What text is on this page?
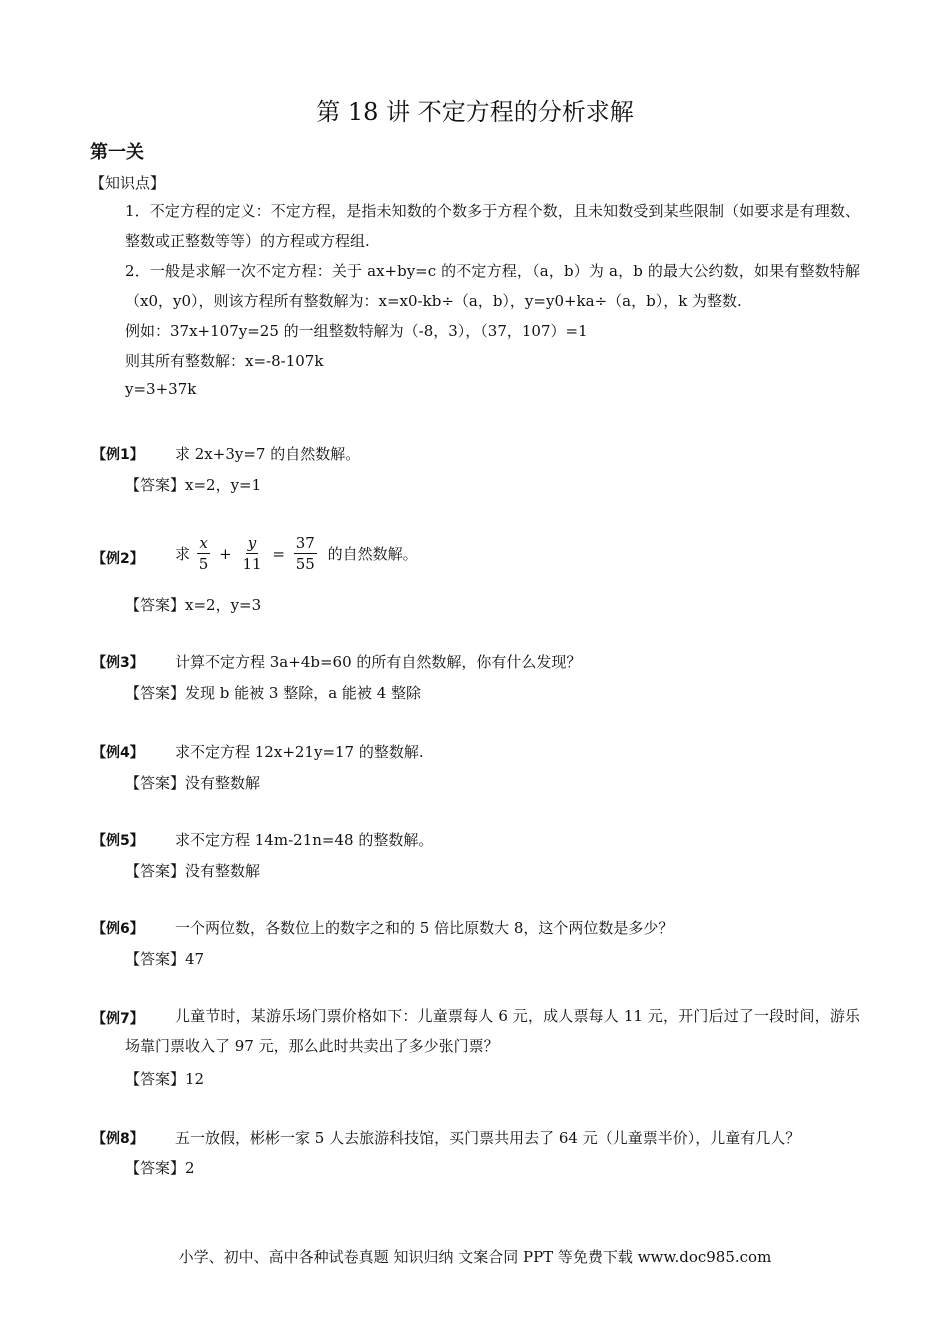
第 18 讲 不定方程的分析求解
第一关
【知识点】
1．不定方程的定义：不定方程，是指未知数的个数多于方程个数，且未知数受到某些限制（如要求是有理数、整数或正整数等等）的方程或方程组.
2．一般是求解一次不定方程：关于 ax+by=c 的不定方程，（a，b）为 a，b 的最大公约数，如果有整数特解（x0，y0），则该方程所有整数解为：x=x0-kb÷（a，b），y=y0+ka÷（a，b），k 为整数.
例如：37x+107y=25 的一组整数特解为（-8，3），（37，107）=1
则其所有整数解：x=-8-107k
y=3+37k
【例1】 求 2x+3y=7 的自然数解。
【答案】x=2，y=1
【例2】 求 $\frac{x}{5} + \frac{y}{11} = \frac{37}{55}$ 的自然数解。
【答案】x=2，y=3
【例3】 计算不定方程 3a+4b=60 的所有自然数解，你有什么发现？
【答案】发现 b 能被 3 整除，a 能被 4 整除
【例4】 求不定方程 12x+21y=17 的整数解.
【答案】没有整数解
【例5】 求不定方程 14m-21n=48 的整数解。
【答案】没有整数解
【例6】 一个两位数，各数位上的数字之和的 5 倍比原数大 8，这个两位数是多少？
【答案】47
【例7】	儿童节时，某游乐场门票价格如下：儿童票每人 6 元，成人票每人 11 元，开门后过了一段时间，游乐场靠门票收入了 97 元，那么此时共卖出了多少张门票？
【答案】12
【例8】 五一放假，彬彬一家 5 人去旅游科技馆，买门票共用去了 64 元（儿童票半价），儿童有几人？
【答案】2
小学、初中、高中各种试卷真题 知识归纳 文案合同 PPT 等免费下载 www.doc985.com
